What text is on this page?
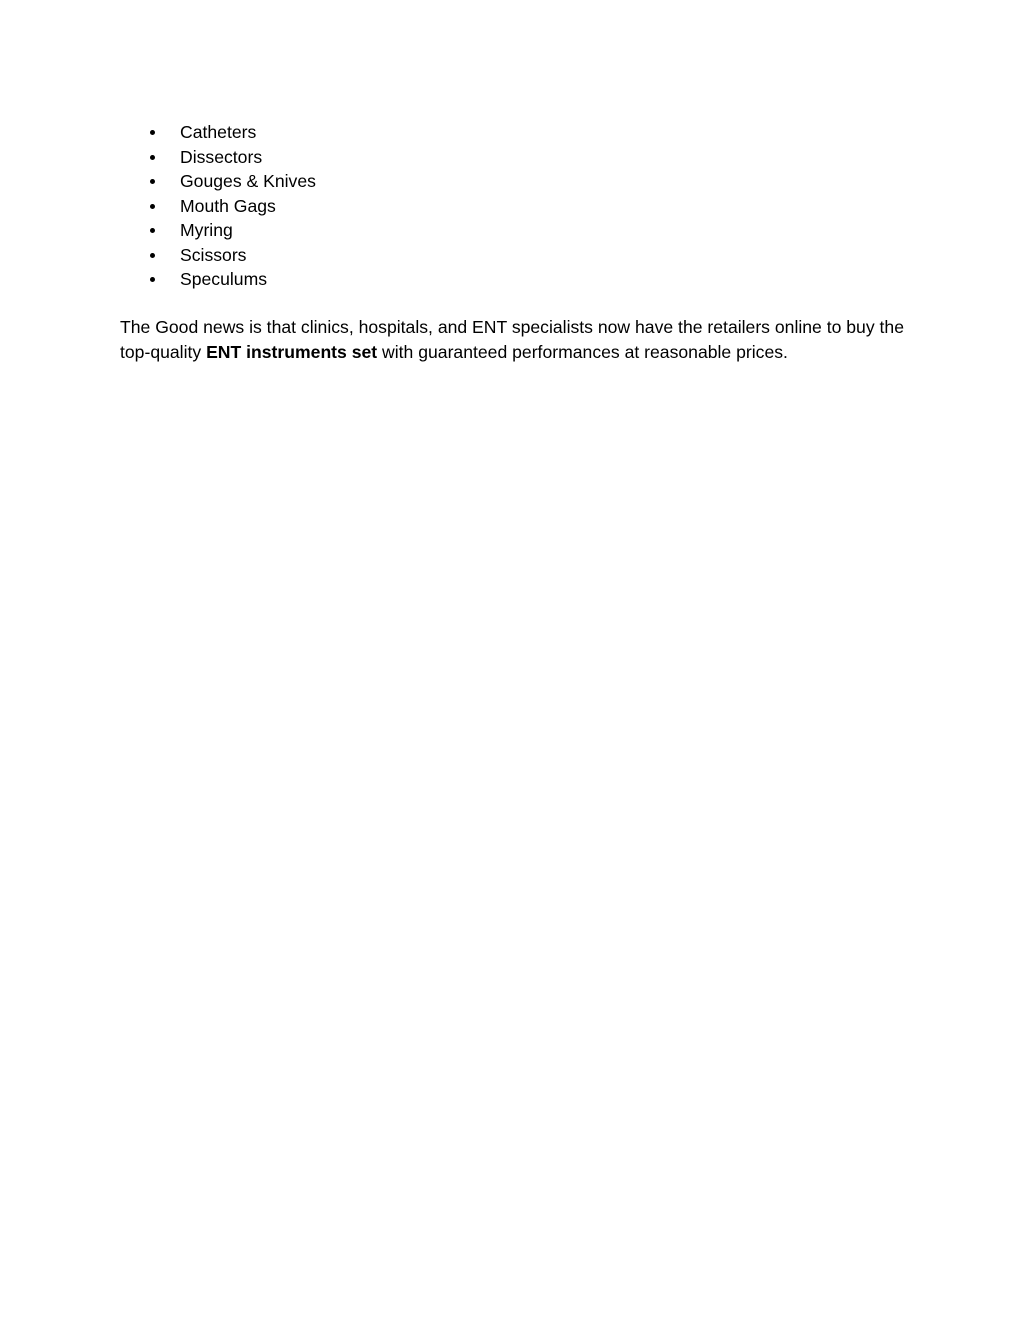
Catheters
Dissectors
Gouges & Knives
Mouth Gags
Myring
Scissors
Speculums

The Good news is that clinics, hospitals, and ENT specialists now have the retailers online to buy the top-quality ENT instruments set with guaranteed performances at reasonable prices.
